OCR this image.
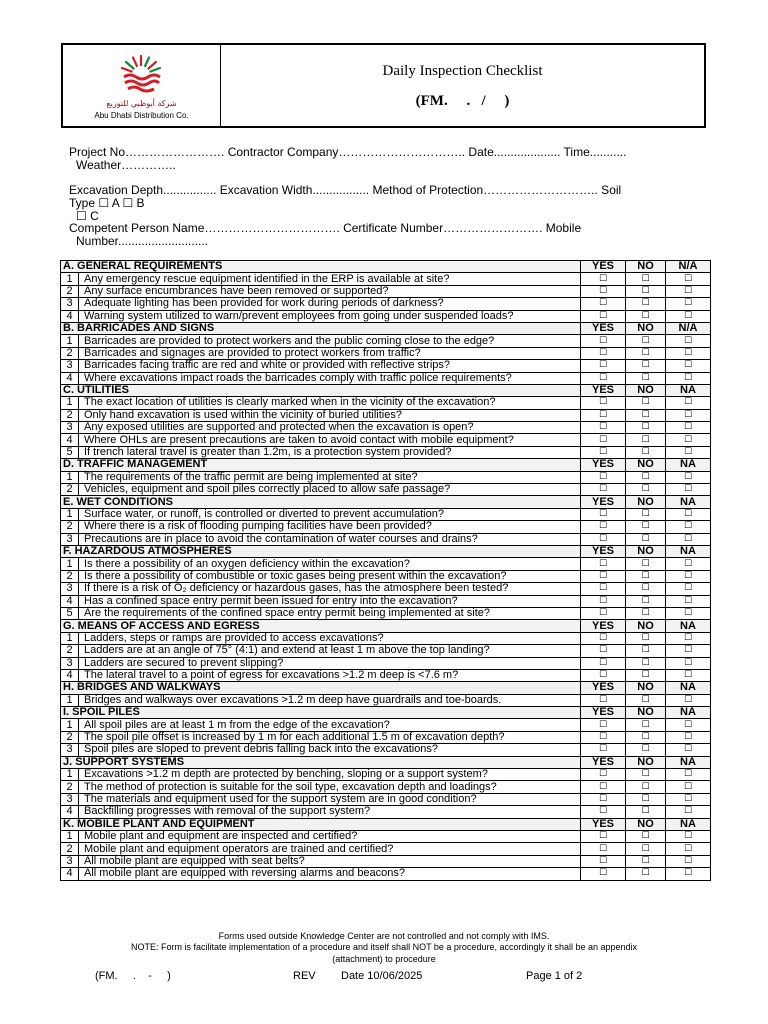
شركة أبوظبي للتوزيع
Abu Dhabi Distribution Co.
Daily Inspection Checklist
(FM.     .   /     )
Project No……………………. Contractor Company………………………….. Date.................... Time...........
Weather…………..
Excavation Depth................ Excavation Width................. Method of Protection……………………….. Soil Type ☐ A ☐ B
☐ C
Competent Person Name……………………………. Certificate Number……………………. Mobile
Number...........................
A. GENERAL REQUIREMENTS		YES	NO	N/A
1	Any emergency rescue equipment identified in the ERP is available at site?	☐	☐	☐
2	Any surface encumbrances have been removed or supported?	☐	☐	☐
3	Adequate lighting has been provided for work during periods of darkness?	☐	☐	☐
4	Warning system utilized to warn/prevent employees from going under suspended loads?	☐	☐	☐
B. BARRICADES AND SIGNS		YES	NO	N/A
1	Barricades are provided to protect workers and the public coming close to the edge?	☐	☐	☐
2	Barricades and signages are provided to protect workers from traffic?	☐	☐	☐
3	Barricades facing traffic are red and white or provided with reflective strips?	☐	☐	☐
4	Where excavations impact roads the barricades comply with traffic police requirements?	☐	☐	☐
C. UTILITIES		YES	NO	NA
1	The exact location of utilities is clearly marked when in the vicinity of the excavation?	☐	☐	☐
2	Only hand excavation is used within the vicinity of buried utilities?	☐	☐	☐
3	Any exposed utilities are supported and protected when the excavation is open?	☐	☐	☐
4	Where OHLs are present precautions are taken to avoid contact with mobile equipment?	☐	☐	☐
5	If trench lateral travel is greater than 1.2m, is a protection system provided?	☐	☐	☐
D. TRAFFIC MANAGEMENT		YES	NO	NA
1	The requirements of the traffic permit are being implemented at site?	☐	☐	☐
2	Vehicles, equipment and spoil piles correctly placed to allow safe passage?	☐	☐	☐
E. WET CONDITIONS		YES	NO	NA
1	Surface water, or runoff, is controlled or diverted to prevent accumulation?	☐	☐	☐
2	Where there is a risk of flooding pumping facilities have been provided?	☐	☐	☐
3	Precautions are in place to avoid the contamination of water courses and drains?	☐	☐	☐
F. HAZARDOUS ATMOSPHERES		YES	NO	NA
1	Is there a possibility of an oxygen deficiency within the excavation?	☐	☐	☐
2	Is there a possibility of combustible or toxic gases being present within the excavation?	☐	☐	☐
3	If there is a risk of O₂ deficiency or hazardous gases, has the atmosphere been tested?	☐	☐	☐
4	Has a confined space entry permit been issued for entry into the excavation?	☐	☐	☐
5	Are the requirements of the confined space entry permit being implemented at site?	☐	☐	☐
G. MEANS OF ACCESS AND EGRESS		YES	NO	NA
1	Ladders, steps or ramps are provided to access excavations?	☐	☐	☐
2	Ladders are at an angle of 75° (4:1) and extend at least 1 m above the top landing?	☐	☐	☐
3	Ladders are secured to prevent slipping?	☐	☐	☐
4	The lateral travel to a point of egress for excavations >1.2 m deep is <7.6 m?	☐	☐	☐
H. BRIDGES AND WALKWAYS		YES	NO	NA
1	Bridges and walkways over excavations >1.2 m deep have guardrails and toe-boards.	☐	☐	☐
I. SPOIL PILES		YES	NO	NA
1	All spoil piles are at least 1 m from the edge of the excavation?	☐	☐	☐
2	The spoil pile offset is increased by 1 m for each additional 1.5 m of excavation depth?	☐	☐	☐
3	Spoil piles are sloped to prevent debris falling back into the excavations?	☐	☐	☐
J. SUPPORT SYSTEMS		YES	NO	NA
1	Excavations >1.2 m depth are protected by benching, sloping or a support system?	☐	☐	☐
2	The method of protection is suitable for the soil type, excavation depth and loadings?	☐	☐	☐
3	The materials and equipment used for the support system are in good condition?	☐	☐	☐
4	Backfilling progresses with removal of the support system?	☐	☐	☐
K. MOBILE PLANT AND EQUIPMENT		YES	NO	NA
1	Mobile plant and equipment are inspected and certified?	☐	☐	☐
2	Mobile plant and equipment operators are trained and certified?	☐	☐	☐
3	All mobile plant are equipped with seat belts?	☐	☐	☐
4	All mobile plant are equipped with reversing alarms and beacons?	☐	☐	☐
Forms used outside Knowledge Center are not controlled and not comply with IMS.
NOTE: Form is facilitate implementation of a procedure and itself shall NOT be a procedure, accordingly it shall be an appendix
(attachment) to procedure
(FM.     .    -     )	REV Date 10/06/2025	Page 1 of 2
